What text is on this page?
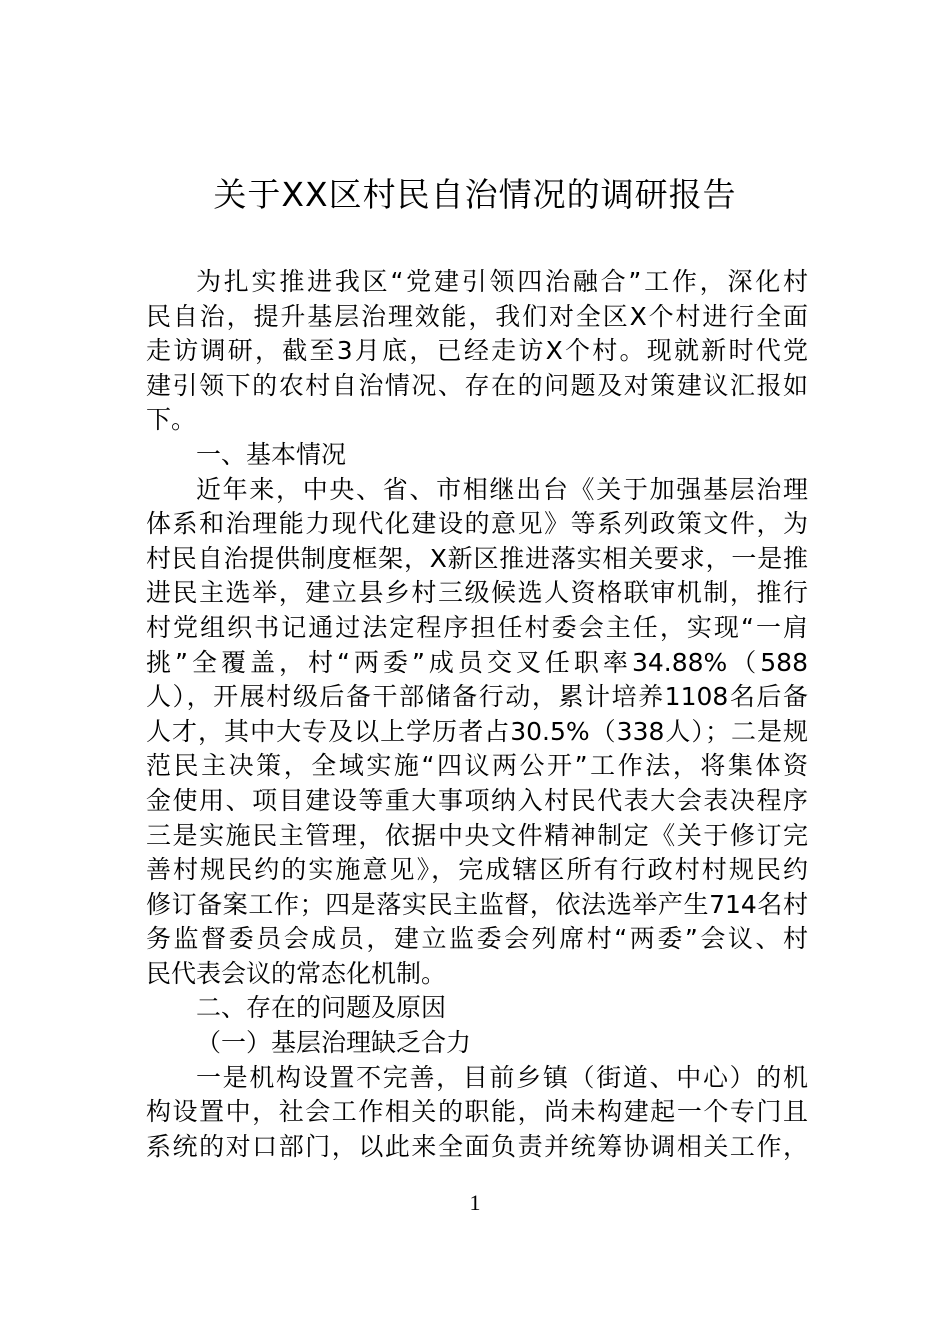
关于XX区村民自治情况的调研报告
为扎实推进我区“党建引领四治融合”工作，深化村
民自治，提升基层治理效能，我们对全区X个村进行全面
走访调研，截至3月底，已经走访X个村。现就新时代党
建引领下的农村自治情况、存在的问题及对策建议汇报如
下。
一、基本情况
近年来，中央、省、市相继出台《关于加强基层治理
体系和治理能力现代化建设的意见》等系列政策文件，为
村民自治提供制度框架，X新区推进落实相关要求，一是推
进民主选举，建立县乡村三级候选人资格联审机制，推行
村党组织书记通过法定程序担任村委会主任，实现“一肩
挑”全覆盖，村“两委”成员交叉任职率34.88%（588
人），开展村级后备干部储备行动，累计培养1108名后备
人才，其中大专及以上学历者占30.5%（338人）；二是规
范民主决策，全域实施“四议两公开”工作法，将集体资
金使用、项目建设等重大事项纳入村民代表大会表决程序
三是实施民主管理，依据中央文件精神制定《关于修订完
善村规民约的实施意见》，完成辖区所有行政村村规民约
修订备案工作；四是落实民主监督，依法选举产生714名村
务监督委员会成员，建立监委会列席村“两委”会议、村
民代表会议的常态化机制。
二、存在的问题及原因
（一）基层治理缺乏合力
一是机构设置不完善，目前乡镇（街道、中心）的机
构设置中，社会工作相关的职能，尚未构建起一个专门且
系统的对口部门，以此来全面负责并统筹协调相关工作，
1
